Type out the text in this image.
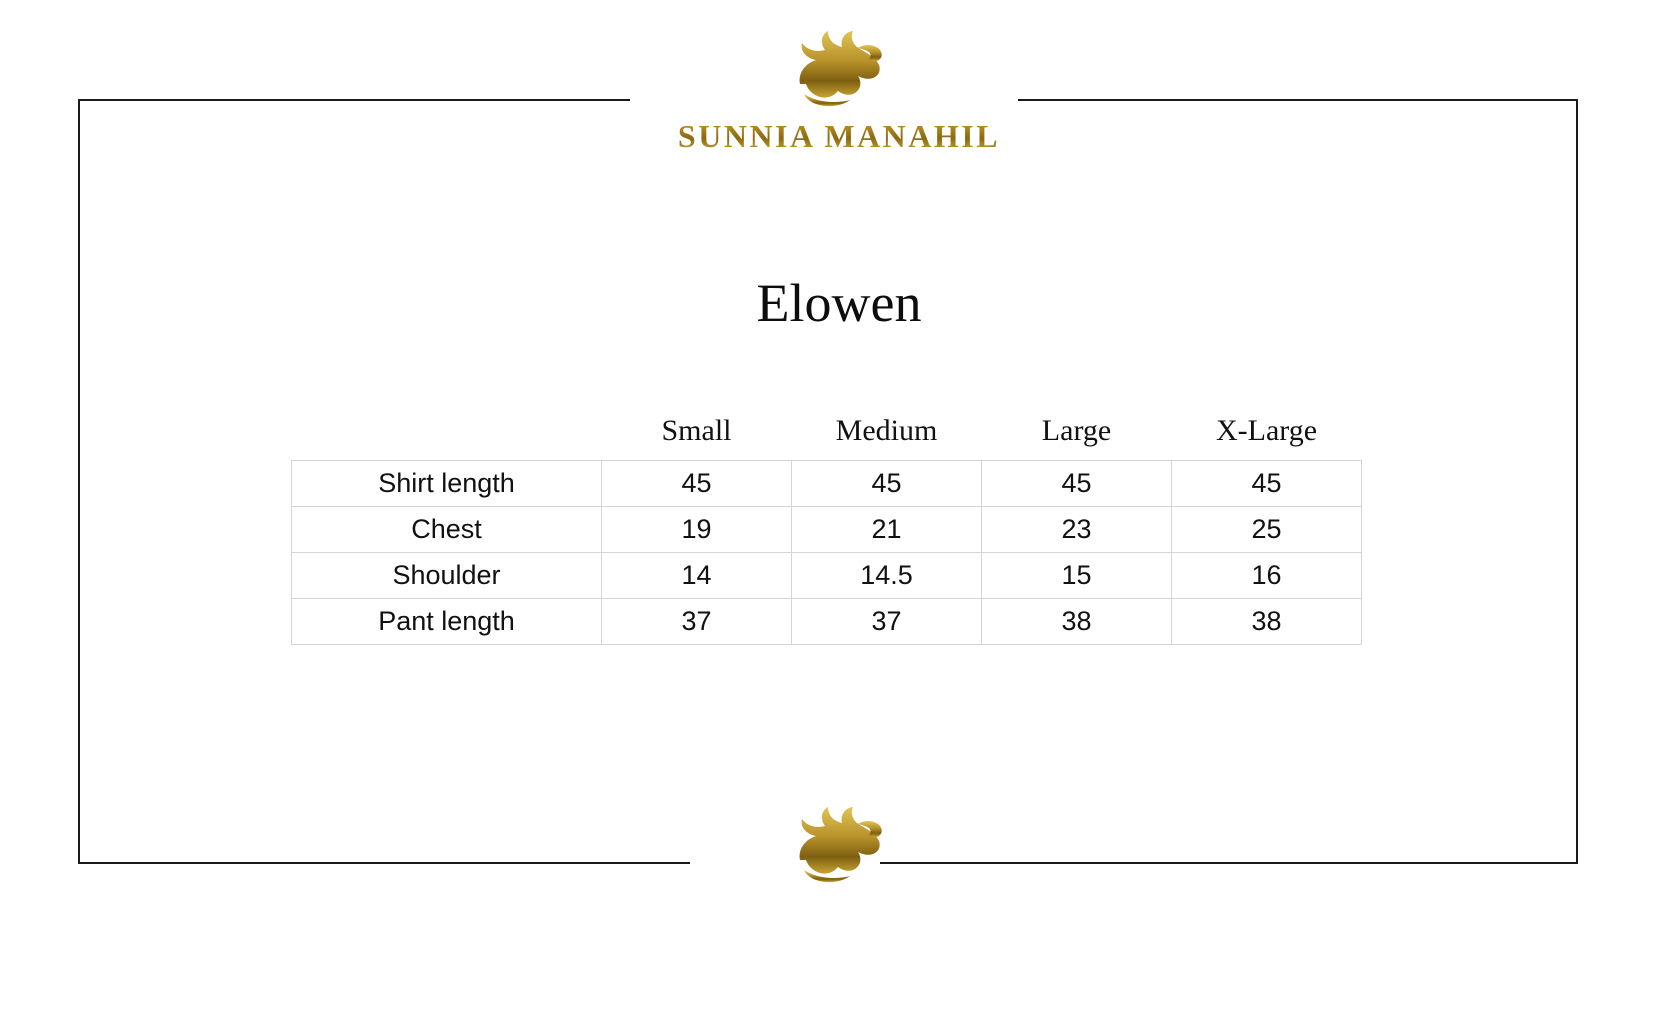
SUNNIA MANAHIL
Elowen
	Small	Medium	Large	X-Large
Shirt length	45	45	45	45
Chest	19	21	23	25
Shoulder	14	14.5	15	16
Pant length	37	37	38	38
